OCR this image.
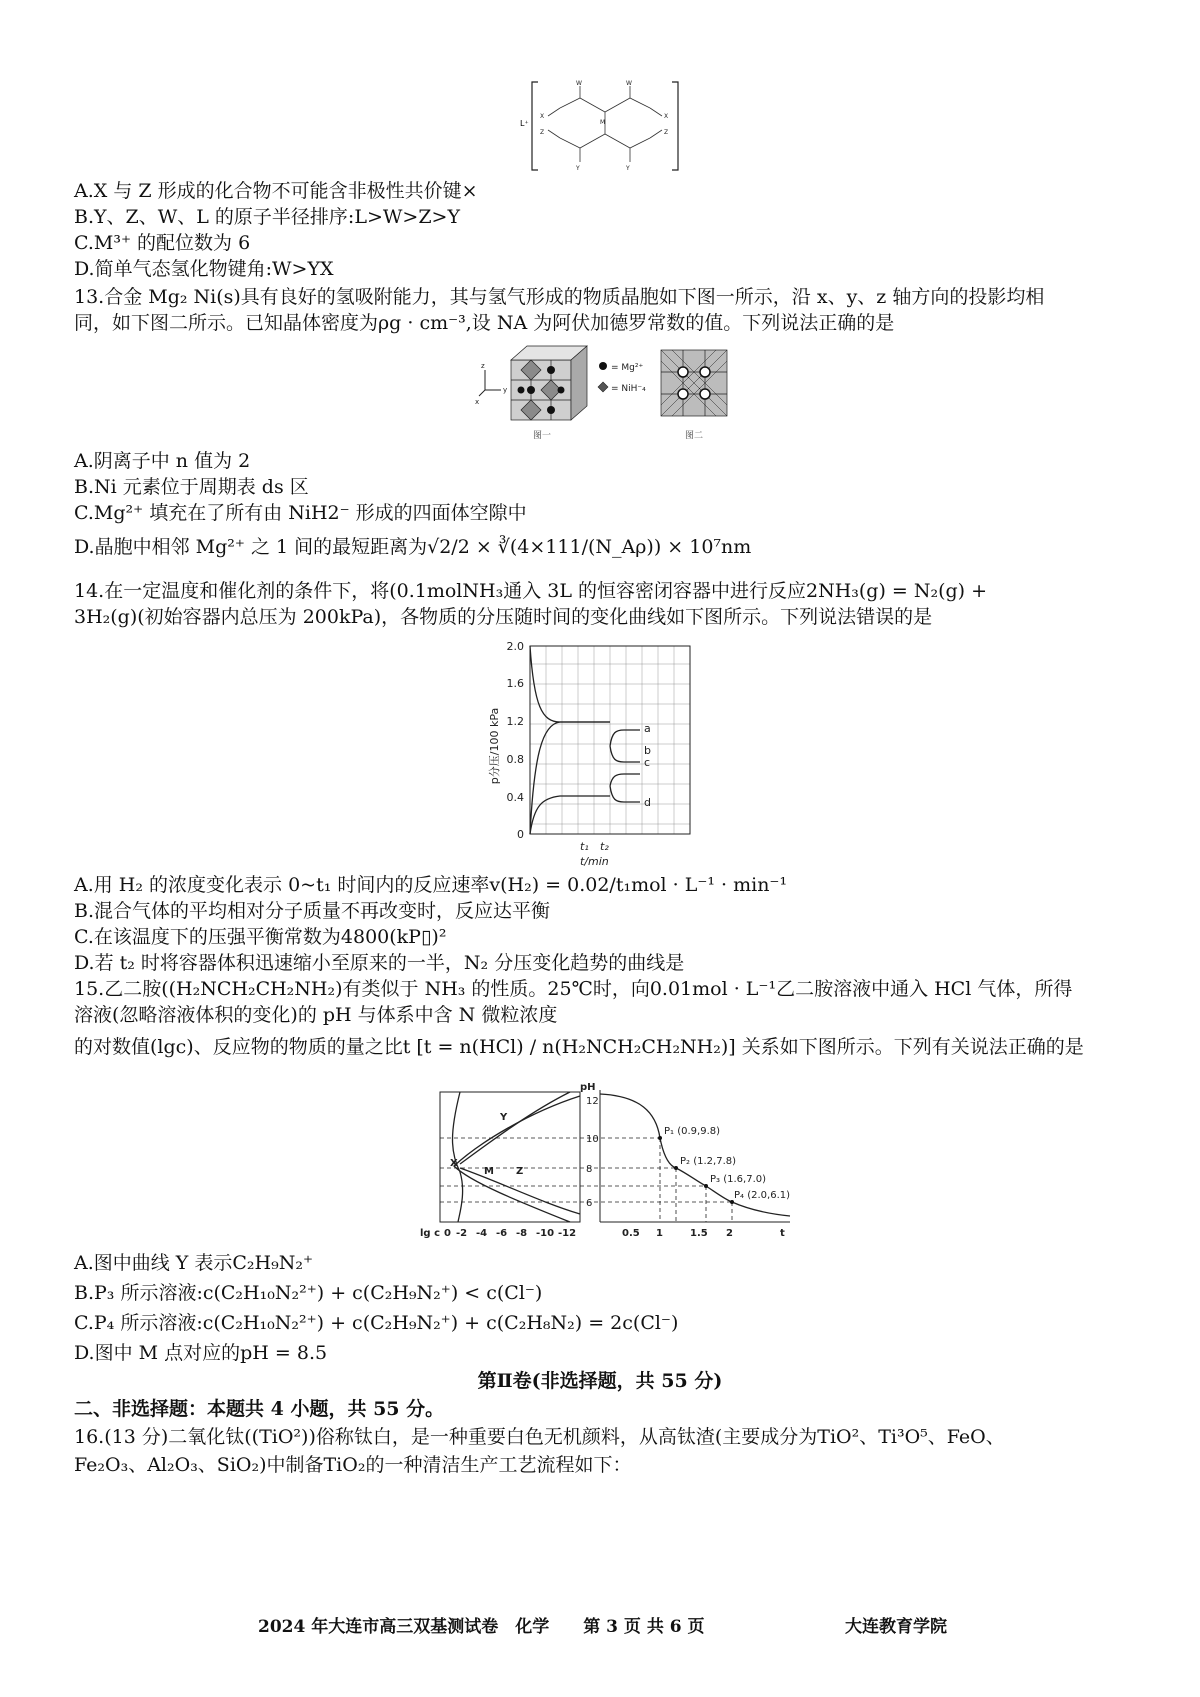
L⁺
W	W
M
Y	Y
X	X
Z	Z
A.X 与 Z 形成的化合物不可能含非极性共价键×
B.Y、Z、W、L 的原子半径排序:L>W>Z>Y
C.M³⁺ 的配位数为 6
D.简单气态氢化物键角:W>YX
13.合金 Mg₂ Ni(s)具有良好的氢吸附能力，其与氢气形成的物质晶胞如下图一所示，沿 x、y、z 轴方向的投影均相
同，如下图二所示。已知晶体密度为ρg · cm⁻³,设 NA 为阿伏加德罗常数的值。下列说法正确的是
z
y
x
= Mg²⁺
= NiH⁻₄
图一	图二
A.阴离子中 n 值为 2
B.Ni 元素位于周期表 ds 区
C.Mg²⁺ 填充在了所有由 NiH2⁻ 形成的四面体空隙中
D.晶胞中相邻 Mg²⁺ 之 1 间的最短距离为√2/2 × ∛(4×111/(N_Aρ)) × 10⁷nm
14.在一定温度和催化剂的条件下，将(0.1molNH₃通入 3L 的恒容密闭容器中进行反应2NH₃(g) = N₂(g) +
3H₂(g)(初始容器内总压为 200kPa)，各物质的分压随时间的变化曲线如下图所示。下列说法错误的是
2.0
1.6
1.2
0.8
0.4
0
p分压/100 kPa	a
b
c
d
t₁ t₂
t/min
A.用 H₂ 的浓度变化表示 0~t₁ 时间内的反应速率v(H₂) = 0.02/t₁mol · L⁻¹ · min⁻¹
B.混合气体的平均相对分子质量不再改变时，反应达平衡
C.在该温度下的压强平衡常数为4800(kP▯)²
D.若 t₂ 时将容器体积迅速缩小至原来的一半，N₂ 分压变化趋势的曲线是
15.乙二胺((H₂NCH₂CH₂NH₂)有类似于 NH₃ 的性质。25℃时，向0.01mol · L⁻¹乙二胺溶液中通入 HCl 气体，所得
溶液(忽略溶液体积的变化)的 pH 与体系中含 N 微粒浓度
的对数值(lgc)、反应物的物质的量之比t [t = n(HCl) / n(H₂NCH₂CH₂NH₂)] 关系如下图所示。下列有关说法正确的是
pH
12
10
8
6
Y
X
Z
M
P₁ (0.9,9.8)
P₂ (1.2,7.8)
P₃ (1.6,7.0)
P₄ (2.0,6.1)
lg c 0 -2 -4 -6 -8 -10 -12	0.5 1	1.5 2	t
A.图中曲线 Y 表示C₂H₉N₂⁺
B.P₃ 所示溶液:c(C₂H₁₀N₂²⁺) + c(C₂H₉N₂⁺) < c(Cl⁻)
C.P₄ 所示溶液:c(C₂H₁₀N₂²⁺) + c(C₂H₉N₂⁺) + c(C₂H₈N₂) = 2c(Cl⁻)
D.图中 M 点对应的pH = 8.5
第Ⅱ卷(非选择题，共 55 分)
二、非选择题：本题共 4 小题，共 55 分。
16.(13 分)二氧化钛((TiO²))俗称钛白，是一种重要白色无机颜料，从高钛渣(主要成分为TiO²、Ti³O⁵、FeO、
Fe₂O₃、Al₂O₃、SiO₂)中制备TiO₂的一种清洁生产工艺流程如下：
2024 年大连市高三双基测试卷　化学　　第 3 页 共 6 页	大连教育学院
